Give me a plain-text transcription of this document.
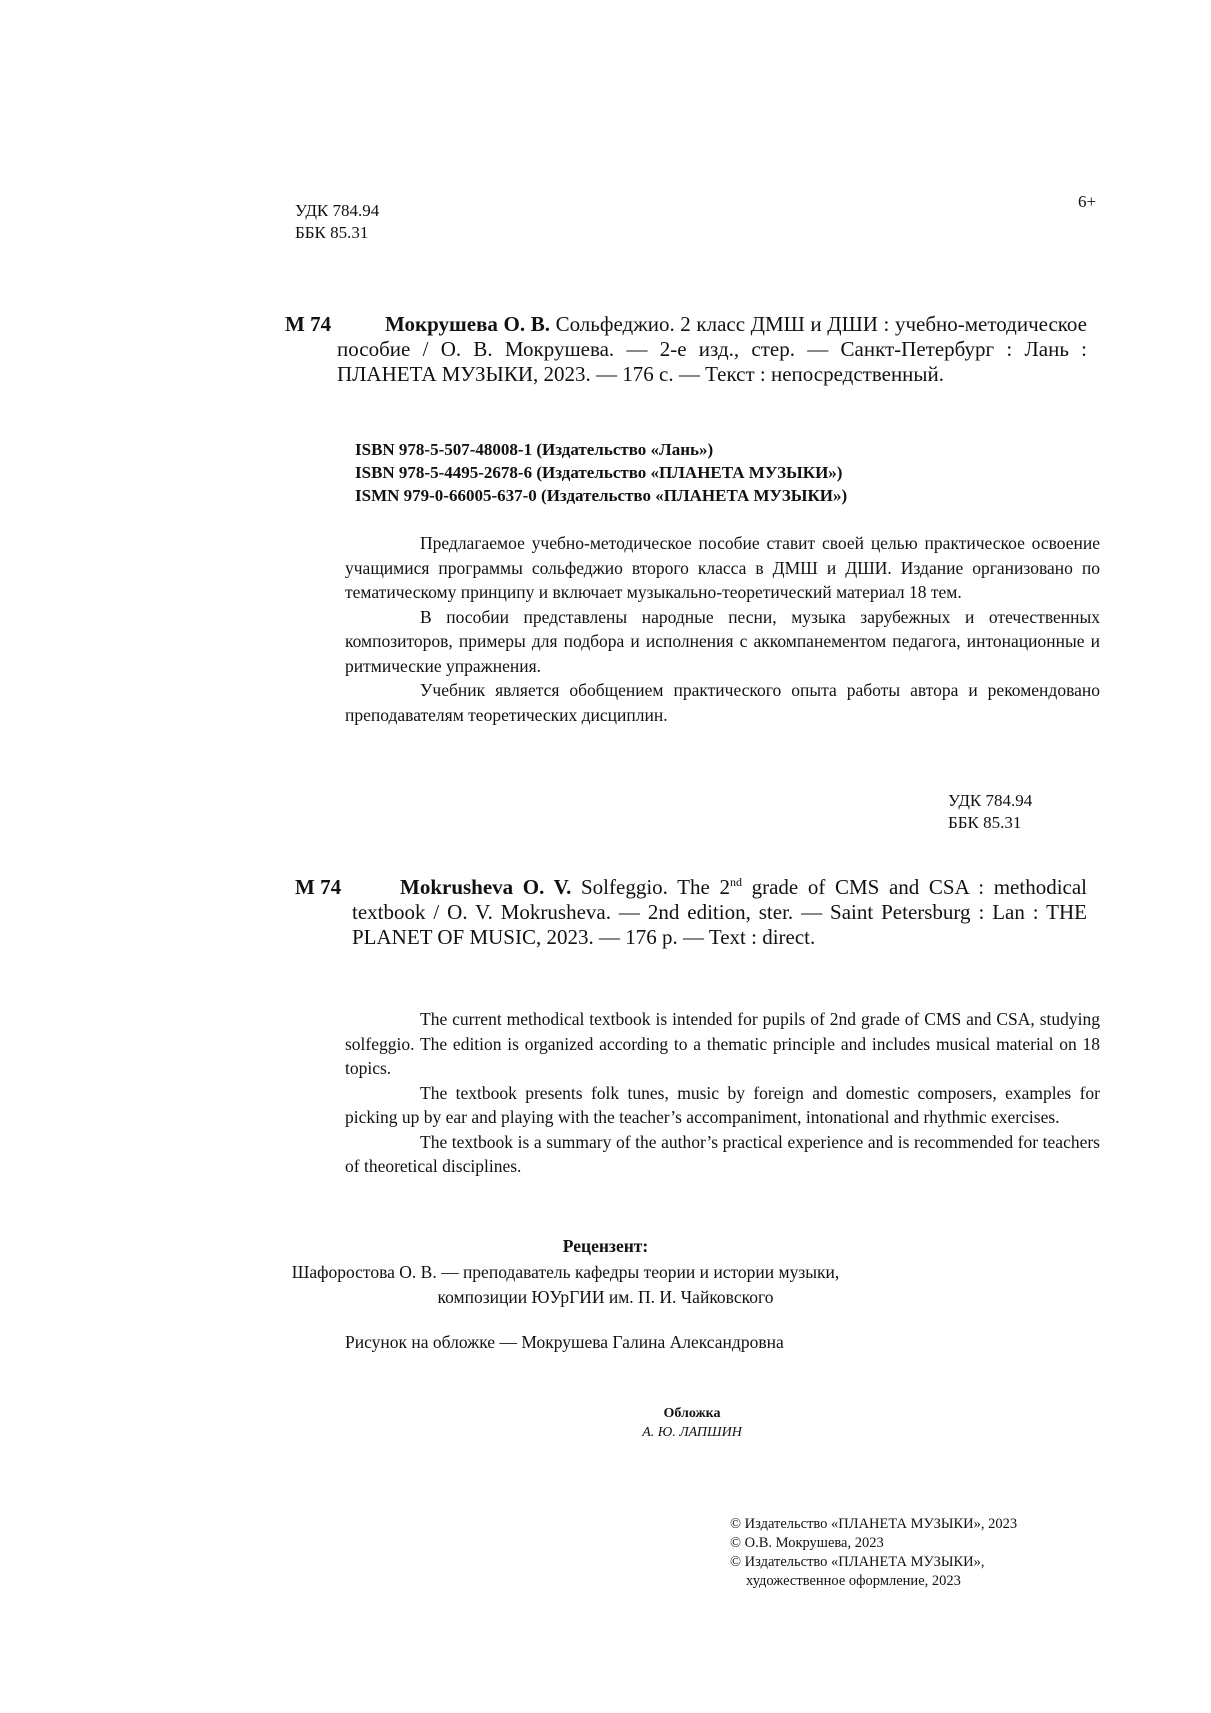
УДК 784.94
ББК 85.31
6+
М 74	Мокрушева О. В. Сольфеджио. 2 класс ДМШ и ДШИ : учебно-методическое пособие / О. В. Мокрушева. — 2-е изд., стер. — Санкт-Петербург : Лань : ПЛАНЕТА МУЗЫКИ, 2023. — 176 с. — Текст : непосредственный.
ISBN 978-5-507-48008-1 (Издательство «Лань»)
ISBN 978-5-4495-2678-6 (Издательство «ПЛАНЕТА МУЗЫКИ»)
ISMN 979-0-66005-637-0 (Издательство «ПЛАНЕТА МУЗЫКИ»)

Предлагаемое учебно-методическое пособие ставит своей целью практическое освоение учащимися программы сольфеджио второго класса в ДМШ и ДШИ. Издание организовано по тематическому принципу и включает музыкально-теоретический материал 18 тем.

В пособии представлены народные песни, музыка зарубежных и отечественных композиторов, примеры для подбора и исполнения с аккомпанементом педагога, интонационные и ритмические упражнения.

Учебник является обобщением практического опыта работы автора и рекомендовано преподавателям теоретических дисциплин.

УДК 784.94
ББК 85.31
M 74	Mokrusheva O. V. Solfeggio. The 2nd grade of CMS and CSA : methodical textbook / O. V. Mokrusheva. — 2nd edition, ster. — Saint Petersburg : Lan : THE PLANET OF MUSIC, 2023. — 176 p. — Text : direct.

The current methodical textbook is intended for pupils of 2nd grade of CMS and CSA, studying solfeggio. The edition is organized according to a thematic principle and includes musical material on 18 topics.

The textbook presents folk tunes, music by foreign and domestic composers, examples for picking up by ear and playing with the teacher’s accompaniment, intonational and rhythmic exercises.

The textbook is a summary of the author’s practical experience and is recommended for teachers of theoretical disciplines.

Рецензент:
Шафоростова О. В. — преподаватель кафедры теории и истории музыки,
композиции ЮУрГИИ им. П. И. Чайковского
Рисунок на обложке — Мокрушева Галина Александровна
Обложка
А. Ю. ЛАПШИН
© Издательство «ПЛАНЕТА МУЗЫКИ», 2023
© О.В. Мокрушева, 2023
© Издательство «ПЛАНЕТА МУЗЫКИ»,
художественное оформление, 2023
